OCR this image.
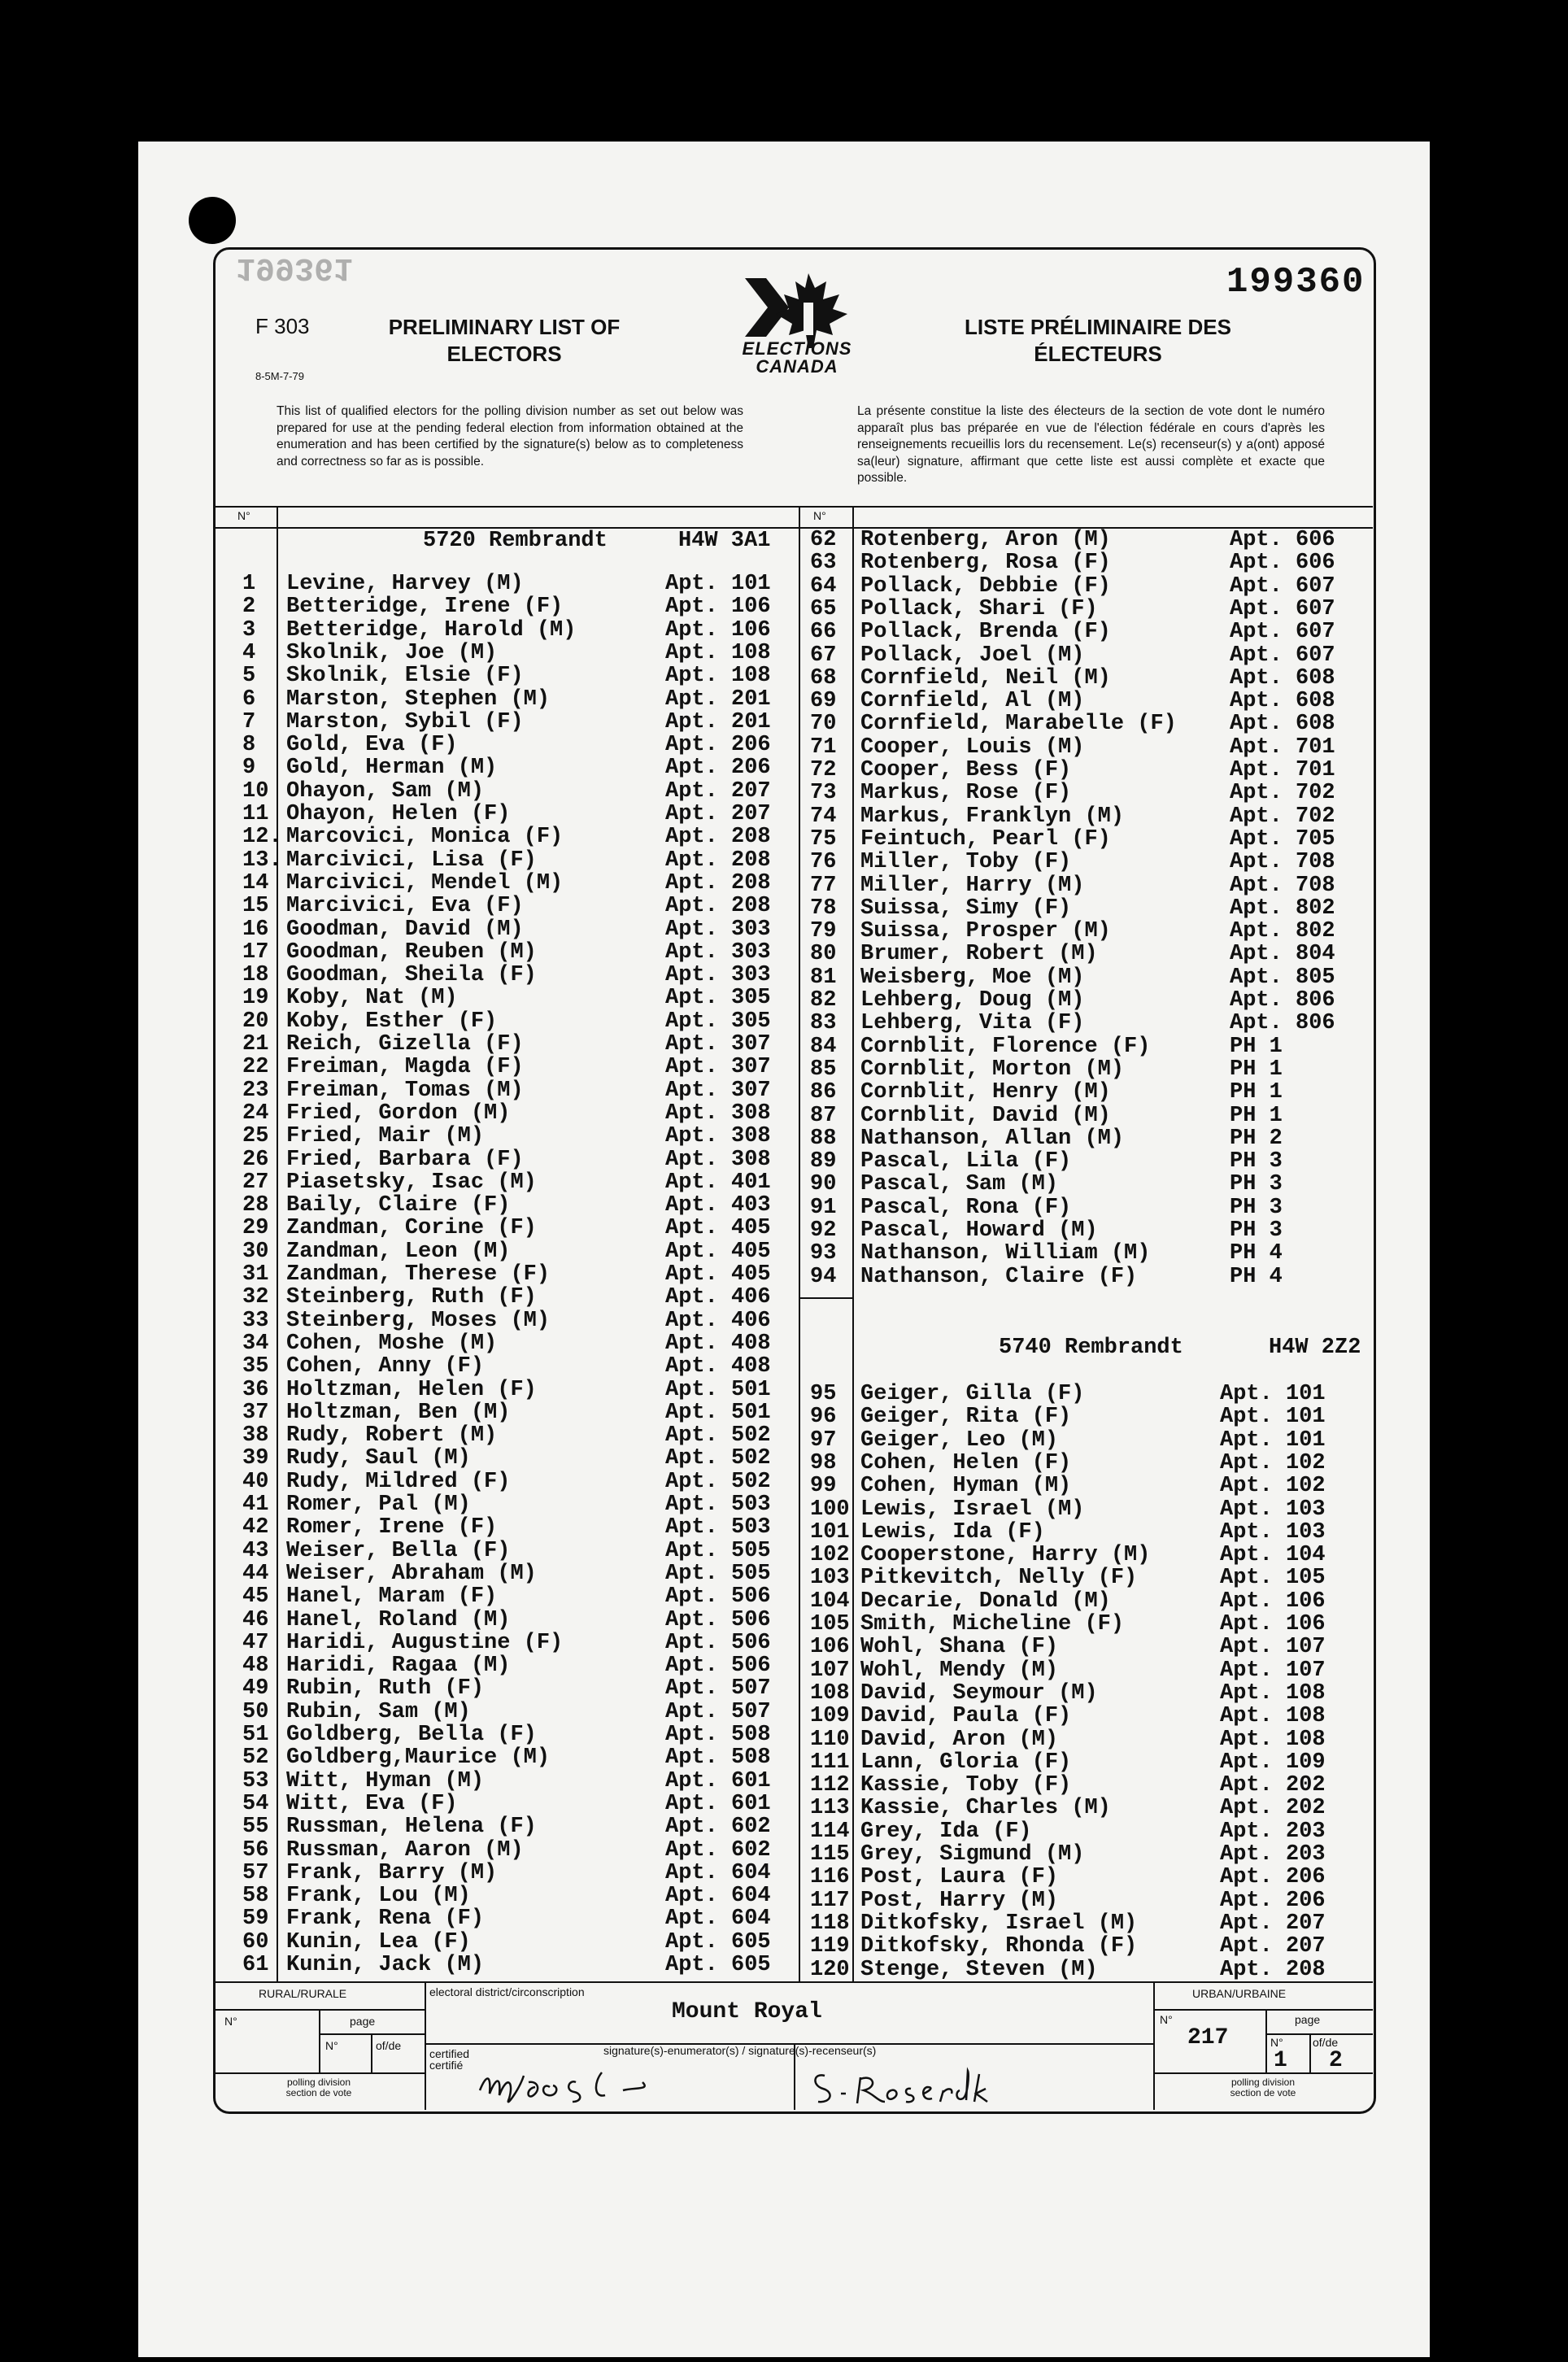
199361	199360
F 303
8-5M-7-79
PRELIMINARY LIST OF
ELECTORS
LISTE PRÉLIMINAIRE DES
ÉLECTEURS
ELECTIONS
CANADA
This list of qualified electors for the polling division number as set out below was prepared for use at the pending federal election from information obtained at the enumeration and has been certified by the signature(s) below as to completeness and correctness so far as is possible.
La présente constitue la liste des électeurs de la section de vote dont le numéro apparaît plus bas préparée en vue de l'élection fédérale en cours d'après les renseignements recueillis lors du recensement. Le(s) recenseur(s) y a(ont) apposé sa(leur) signature, affirmant que cette liste est aussi complète et exacte que possible.
N°	N°
5720 Rembrandt	H4W 3A1
5740 Rembrandt	H4W 2Z2
1 Levine, Harvey (M)	Apt. 101
2 Betteridge, Irene (F)	Apt. 106
3 Betteridge, Harold (M)	Apt. 106
4 Skolnik, Joe (M)	Apt. 108
5 Skolnik, Elsie (F)	Apt. 108
6 Marston, Stephen (M)	Apt. 201
7 Marston, Sybil (F)	Apt. 201
8 Gold, Eva (F)	Apt. 206
9 Gold, Herman (M)	Apt. 206
10 Ohayon, Sam (M)	Apt. 207
11 Ohayon, Helen (F)	Apt. 207
12. Marcovici, Monica (F)	Apt. 208
13. Marcivici, Lisa (F)	Apt. 208
14 Marcivici, Mendel (M)	Apt. 208
15 Marcivici, Eva (F)	Apt. 208
16 Goodman, David (M)	Apt. 303
17 Goodman, Reuben (M)	Apt. 303
18 Goodman, Sheila (F)	Apt. 303
19 Koby, Nat (M)	Apt. 305
20 Koby, Esther (F)	Apt. 305
21 Reich, Gizella (F)	Apt. 307
22 Freiman, Magda (F)	Apt. 307
23 Freiman, Tomas (M)	Apt. 307
24 Fried, Gordon (M)	Apt. 308
25 Fried, Mair (M)	Apt. 308
26 Fried, Barbara (F)	Apt. 308
27 Piasetsky, Isac (M)	Apt. 401
28 Baily, Claire (F)	Apt. 403
29 Zandman, Corine (F)	Apt. 405
30 Zandman, Leon (M)	Apt. 405
31 Zandman, Therese (F)	Apt. 405
32 Steinberg, Ruth (F)	Apt. 406
33 Steinberg, Moses (M)	Apt. 406
34 Cohen, Moshe (M)	Apt. 408
35 Cohen, Anny (F)	Apt. 408
36 Holtzman, Helen (F)	Apt. 501
37 Holtzman, Ben (M)	Apt. 501
38 Rudy, Robert (M)	Apt. 502
39 Rudy, Saul (M)	Apt. 502
40 Rudy, Mildred (F)	Apt. 502
41 Romer, Pal (M)	Apt. 503
42 Romer, Irene (F)	Apt. 503
43 Weiser, Bella (F)	Apt. 505
44 Weiser, Abraham (M)	Apt. 505
45 Hanel, Maram (F)	Apt. 506
46 Hanel, Roland (M)	Apt. 506
47 Haridi, Augustine (F)	Apt. 506
48 Haridi, Ragaa (M)	Apt. 506
49 Rubin, Ruth (F)	Apt. 507
50 Rubin, Sam (M)	Apt. 507
51 Goldberg, Bella (F)	Apt. 508
52 Goldberg,Maurice (M)	Apt. 508
53 Witt, Hyman (M)	Apt. 601
54 Witt, Eva (F)	Apt. 601
55 Russman, Helena (F)	Apt. 602
56 Russman, Aaron (M)	Apt. 602
57 Frank, Barry (M)	Apt. 604
58 Frank, Lou (M)	Apt. 604
59 Frank, Rena (F)	Apt. 604
60 Kunin, Lea (F)	Apt. 605
61 Kunin, Jack (M)	Apt. 605
62 Rotenberg, Aron (M)	Apt. 606
63 Rotenberg, Rosa (F)	Apt. 606
64 Pollack, Debbie (F)	Apt. 607
65 Pollack, Shari (F)	Apt. 607
66 Pollack, Brenda (F)	Apt. 607
67 Pollack, Joel (M)	Apt. 607
68 Cornfield, Neil (M)	Apt. 608
69 Cornfield, Al (M)	Apt. 608
70 Cornfield, Marabelle (F) Apt. 608
71 Cooper, Louis (M)	Apt. 701
72 Cooper, Bess (F)	Apt. 701
73 Markus, Rose (F)	Apt. 702
74 Markus, Franklyn (M)	Apt. 702
75 Feintuch, Pearl (F)	Apt. 705
76 Miller, Toby (F)	Apt. 708
77 Miller, Harry (M)	Apt. 708
78 Suissa, Simy (F)	Apt. 802
79 Suissa, Prosper (M)	Apt. 802
80 Brumer, Robert (M)	Apt. 804
81 Weisberg, Moe (M)	Apt. 805
82 Lehberg, Doug (M)	Apt. 806
83 Lehberg, Vita (F)	Apt. 806
84 Cornblit, Florence (F)	PH 1
85 Cornblit, Morton (M)	PH 1
86 Cornblit, Henry (M)	PH 1
87 Cornblit, David (M)	PH 1
88 Nathanson, Allan (M)	PH 2
89 Pascal, Lila (F)	PH 3
90 Pascal, Sam (M)	PH 3
91 Pascal, Rona (F)	PH 3
92 Pascal, Howard (M)	PH 3
93 Nathanson, William (M)	PH 4
94 Nathanson, Claire (F)	PH 4
95 Geiger, Gilla (F)	Apt. 101
96 Geiger, Rita (F)	Apt. 101
97 Geiger, Leo (M)	Apt. 101
98 Cohen, Helen (F)	Apt. 102
99 Cohen, Hyman (M)	Apt. 102
100 Lewis, Israel (M)	Apt. 103
101 Lewis, Ida (F)	Apt. 103
102 Cooperstone, Harry (M)	Apt. 104
103 Pitkevitch, Nelly (F)	Apt. 105
104 Decarie, Donald (M)	Apt. 106
105 Smith, Micheline (F)	Apt. 106
106 Wohl, Shana (F)	Apt. 107
107 Wohl, Mendy (M)	Apt. 107
108 David, Seymour (M)	Apt. 108
109 David, Paula (F)	Apt. 108
110 David, Aron (M)	Apt. 108
111 Lann, Gloria (F)	Apt. 109
112 Kassie, Toby (F)	Apt. 202
113 Kassie, Charles (M)	Apt. 202
114 Grey, Ida (F)	Apt. 203
115 Grey, Sigmund (M)	Apt. 203
116 Post, Laura (F)	Apt. 206
117 Post, Harry (M)	Apt. 206
118 Ditkofsky, Israel (M)	Apt. 207
119 Ditkofsky, Rhonda (F)	Apt. 207
120 Stenge, Steven (M)	Apt. 208
RURAL/RURALE	URBAN/URBAINE
N°	page
N°	of/de
N°	page
N°	of/de
1 2
217
electoral district/circonscription
Mount Royal
certified
certifié
signature(s)-enumerator(s) / signature(s)-recenseur(s)
polling division
section de vote
polling division
section de vote
